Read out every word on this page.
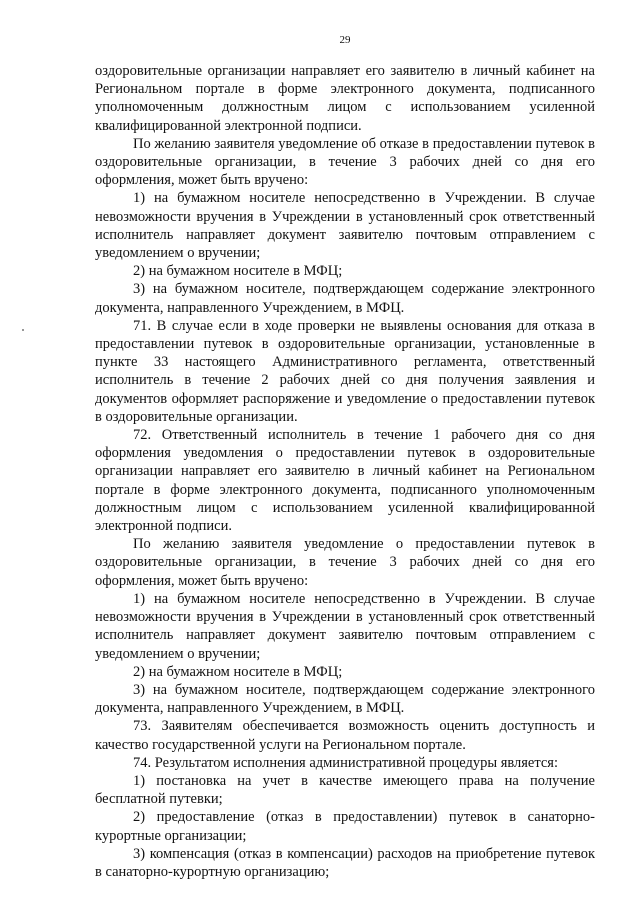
29

оздоровительные организации направляет его заявителю в личный кабинет на Региональном портале в форме электронного документа, подписанного уполномоченным должностным лицом с использованием усиленной квалифицированной электронной подписи.

По желанию заявителя уведомление об отказе в предоставлении путевок в оздоровительные организации, в течение 3 рабочих дней со дня его оформления, может быть вручено:

1) на бумажном носителе непосредственно в Учреждении. В случае невозможности вручения в Учреждении в установленный срок ответственный исполнитель направляет документ заявителю почтовым отправлением с уведомлением о вручении;

2) на бумажном носителе в МФЦ;

3) на бумажном носителе, подтверждающем содержание электронного документа, направленного Учреждением, в МФЦ.

71. В случае если в ходе проверки не выявлены основания для отказа в предоставлении путевок в оздоровительные организации, установленные в пункте 33 настоящего Административного регламента, ответственный исполнитель в течение 2 рабочих дней со дня получения заявления и документов оформляет распоряжение и уведомление о предоставлении путевок в оздоровительные организации.

72. Ответственный исполнитель в течение 1 рабочего дня со дня оформления уведомления о предоставлении путевок в оздоровительные организации направляет его заявителю в личный кабинет на Региональном портале в форме электронного документа, подписанного уполномоченным должностным лицом с использованием усиленной квалифицированной электронной подписи.

По желанию заявителя уведомление о предоставлении путевок в оздоровительные организации, в течение 3 рабочих дней со дня его оформления, может быть вручено:

1) на бумажном носителе непосредственно в Учреждении. В случае невозможности вручения в Учреждении в установленный срок ответственный исполнитель направляет документ заявителю почтовым отправлением с уведомлением о вручении;

2) на бумажном носителе в МФЦ;

3) на бумажном носителе, подтверждающем содержание электронного документа, направленного Учреждением, в МФЦ.

73. Заявителям обеспечивается возможность оценить доступность и качество государственной услуги на Региональном портале.

74. Результатом исполнения административной процедуры является:

1) постановка на учет в качестве имеющего права на получение бесплатной путевки;

2) предоставление (отказ в предоставлении) путевок в санаторно-курортные организации;

3) компенсация (отказ в компенсации) расходов на приобретение путевок в санаторно-курортную организацию;
